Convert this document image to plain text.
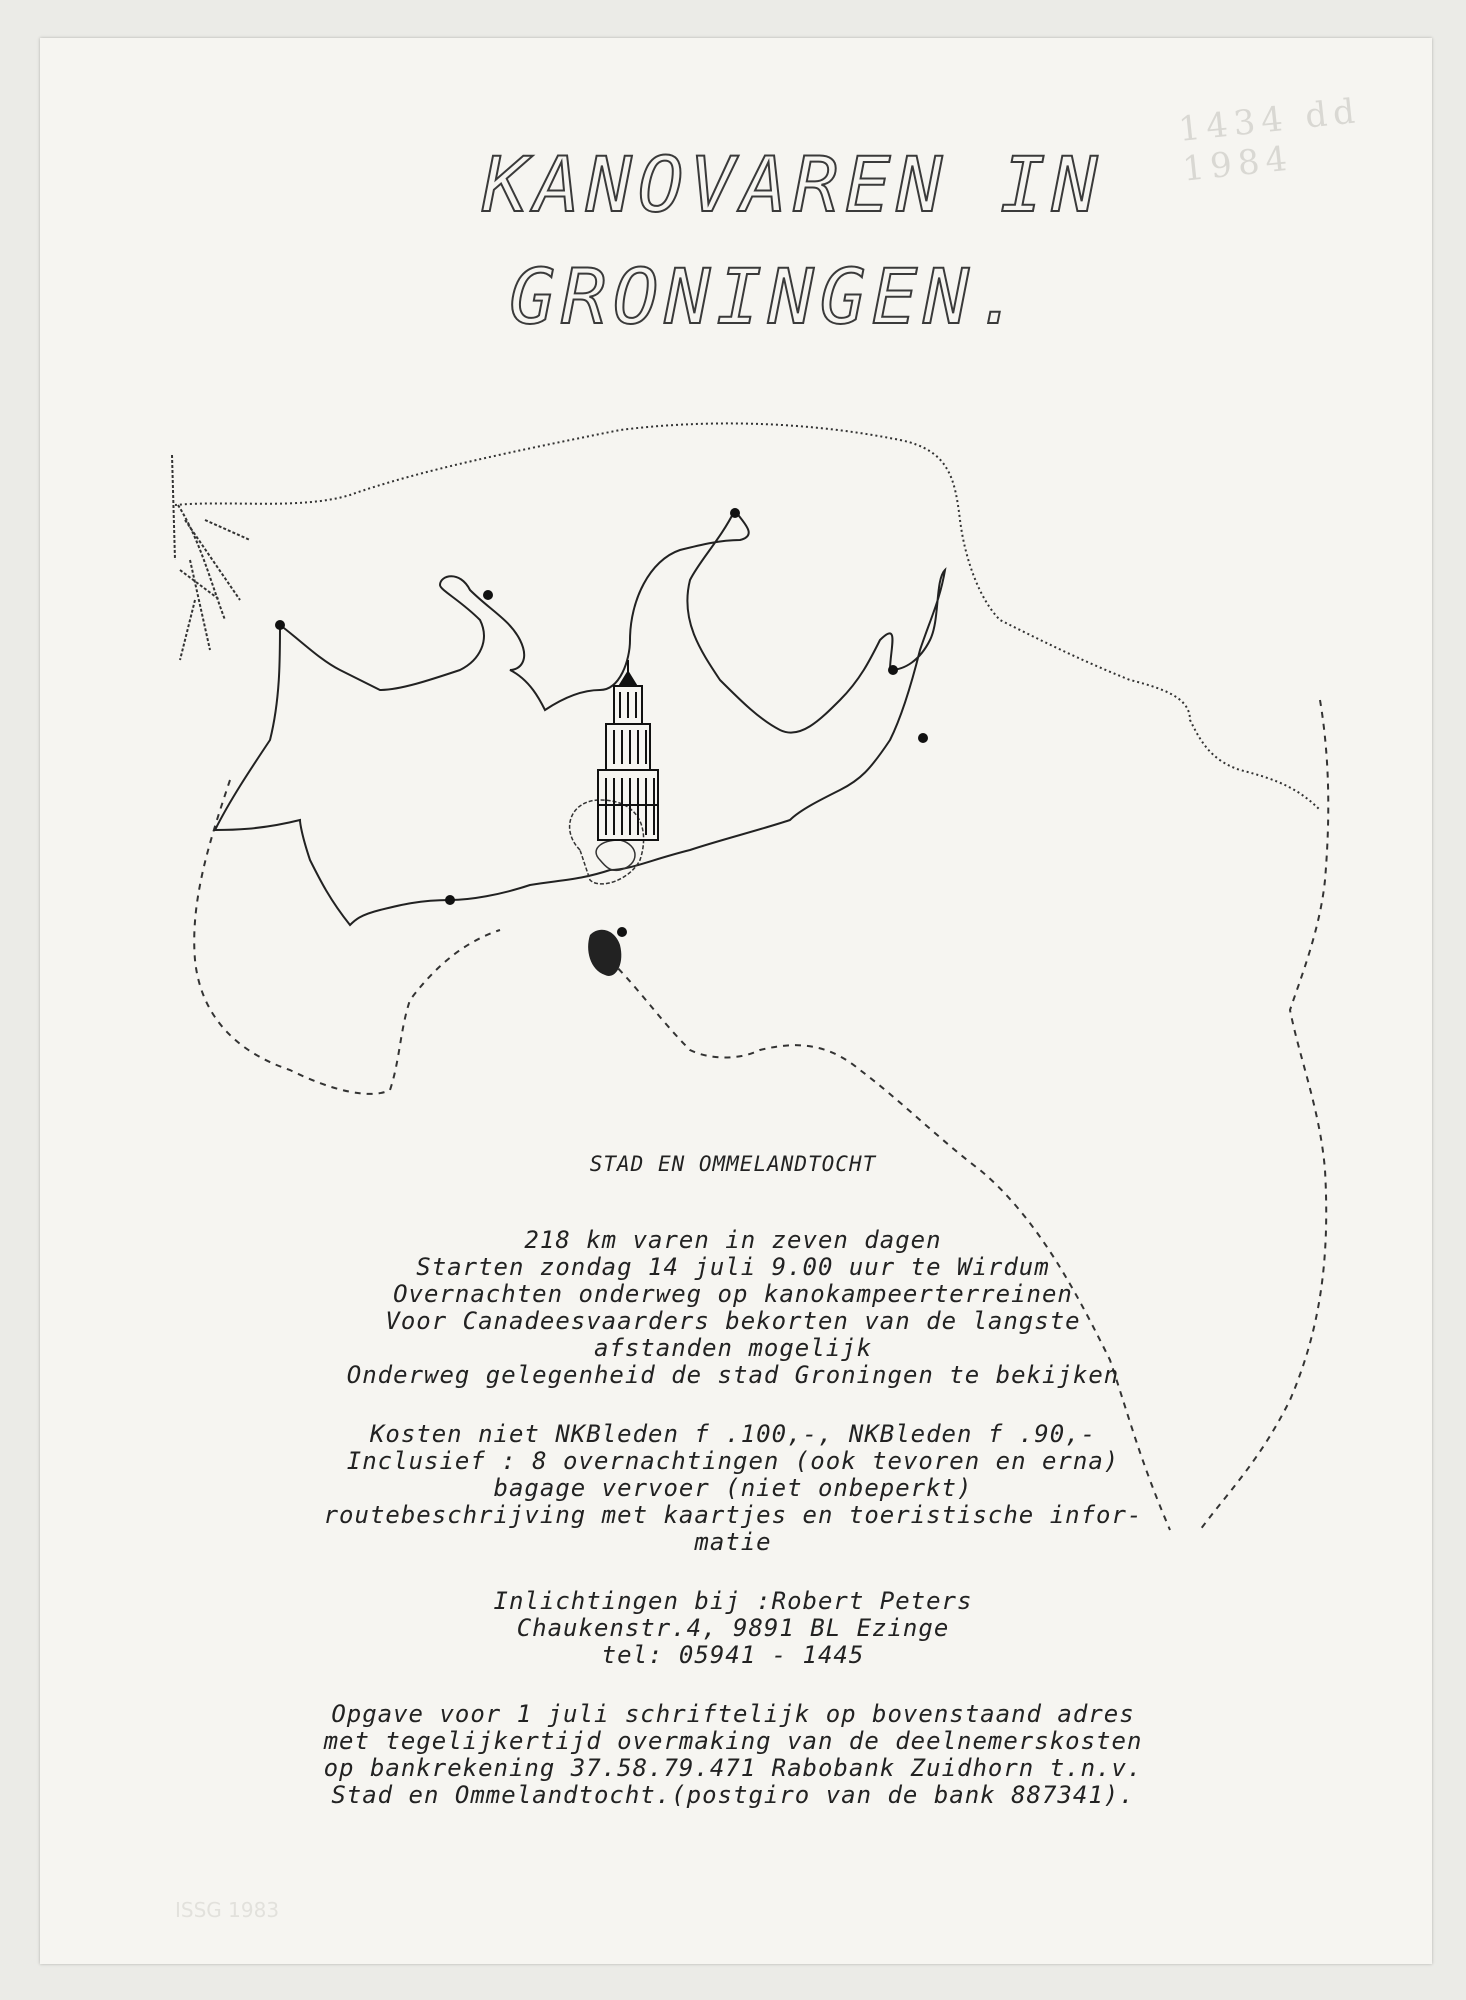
1434 dd 1984
ISSG 1983
KANOVAREN IN
GRONINGEN.
STAD EN OMMELANDTOCHT
218 km varen in zeven dagen
Starten zondag 14 juli 9.00 uur te Wirdum
Overnachten onderweg op kanokampeerterreinen
Voor Canadeesvaarders bekorten van de langste
afstanden mogelijk
Onderweg gelegenheid de stad Groningen te bekijken
Kosten niet NKBleden f .100,-, NKBleden f .90,-
Inclusief : 8 overnachtingen (ook tevoren en erna)
bagage vervoer (niet onbeperkt)
routebeschrijving met kaartjes en toeristische infor-
matie
Inlichtingen bij :Robert Peters
Chaukenstr.4, 9891 BL Ezinge
tel: 05941 - 1445
Opgave voor 1 juli schriftelijk op bovenstaand adres
met tegelijkertijd overmaking van de deelnemerskosten
op bankrekening 37.58.79.471 Rabobank Zuidhorn t.n.v.
Stad en Ommelandtocht.(postgiro van de bank 887341).
